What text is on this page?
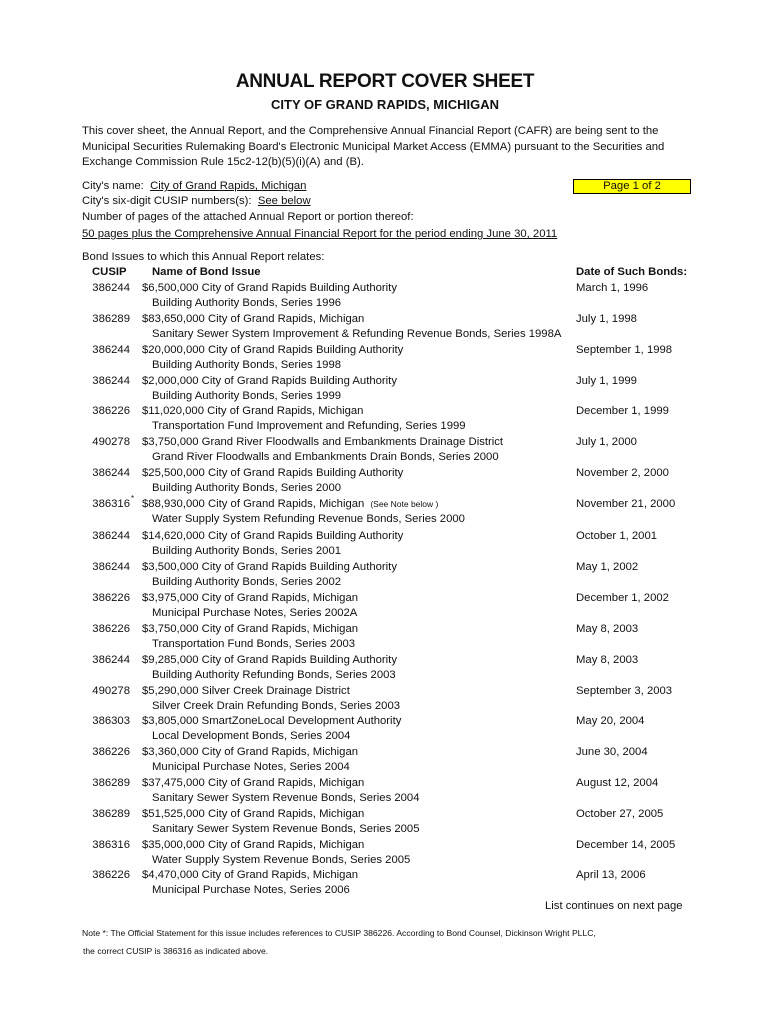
ANNUAL REPORT COVER SHEET
CITY OF GRAND RAPIDS, MICHIGAN
This cover sheet, the Annual Report, and the Comprehensive Annual Financial Report (CAFR) are being sent to the Municipal Securities Rulemaking Board's Electronic Municipal Market Access (EMMA) pursuant to the Securities and Exchange Commission Rule 15c2-12(b)(5)(i)(A) and (B).
City's name: City of Grand Rapids, Michigan	Page 1 of 2
City's six-digit CUSIP numbers(s): See below
Number of pages of the attached Annual Report or portion thereof:
50 pages plus the Comprehensive Annual Financial Report for the period ending June 30, 2011
Bond Issues to which this Annual Report relates:
CUSIP Name of Bond Issue	Date of Such Bonds:
386244 $6,500,000 City of Grand Rapids Building Authority
Building Authority Bonds, Series 1996
March 1, 1996
386289 $83,650,000 City of Grand Rapids, Michigan
Sanitary Sewer System Improvement & Refunding Revenue Bonds, Series 1998A
July 1, 1998
386244 $20,000,000 City of Grand Rapids Building Authority
Building Authority Bonds, Series 1998
September 1, 1998
386244 $2,000,000 City of Grand Rapids Building Authority
Building Authority Bonds, Series 1999
July 1, 1999
386226 $11,020,000 City of Grand Rapids, Michigan
Transportation Fund Improvement and Refunding, Series 1999
December 1, 1999
490278 $3,750,000 Grand River Floodwalls and Embankments Drainage District
Grand River Floodwalls and Embankments Drain Bonds, Series 2000
July 1, 2000
386244 $25,500,000 City of Grand Rapids Building Authority
Building Authority Bonds, Series 2000
November 2, 2000
386316 * $88,930,000 City of Grand Rapids, Michigan (See Note below )
Water Supply System Refunding Revenue Bonds, Series 2000
November 21, 2000
386244 $14,620,000 City of Grand Rapids Building Authority
Building Authority Bonds, Series 2001
October 1, 2001
386244 $3,500,000 City of Grand Rapids Building Authority
Building Authority Bonds, Series 2002
May 1, 2002
386226 $3,975,000 City of Grand Rapids, Michigan
Municipal Purchase Notes, Series 2002A
December 1, 2002
386226 $3,750,000 City of Grand Rapids, Michigan
Transportation Fund Bonds, Series 2003
May 8, 2003
386244 $9,285,000 City of Grand Rapids Building Authority
Building Authority Refunding Bonds, Series 2003
May 8, 2003
490278 $5,290,000 Silver Creek Drainage District
Silver Creek Drain Refunding Bonds, Series 2003
September 3, 2003
386303 $3,805,000 SmartZoneLocal Development Authority
Local Development Bonds, Series 2004
May 20, 2004
386226 $3,360,000 City of Grand Rapids, Michigan
Municipal Purchase Notes, Series 2004
June 30, 2004
386289 $37,475,000 City of Grand Rapids, Michigan
Sanitary Sewer System Revenue Bonds, Series 2004
August 12, 2004
386289 $51,525,000 City of Grand Rapids, Michigan
Sanitary Sewer System Revenue Bonds, Series 2005
October 27, 2005
386316 $35,000,000 City of Grand Rapids, Michigan
Water Supply System Revenue Bonds, Series 2005
December 14, 2005
386226 $4,470,000 City of Grand Rapids, Michigan
Municipal Purchase Notes, Series 2006
April 13, 2006
List continues on next page
Note *: The Official Statement for this issue includes references to CUSIP 386226. According to Bond Counsel, Dickinson Wright PLLC,
the correct CUSIP is 386316 as indicated above.
